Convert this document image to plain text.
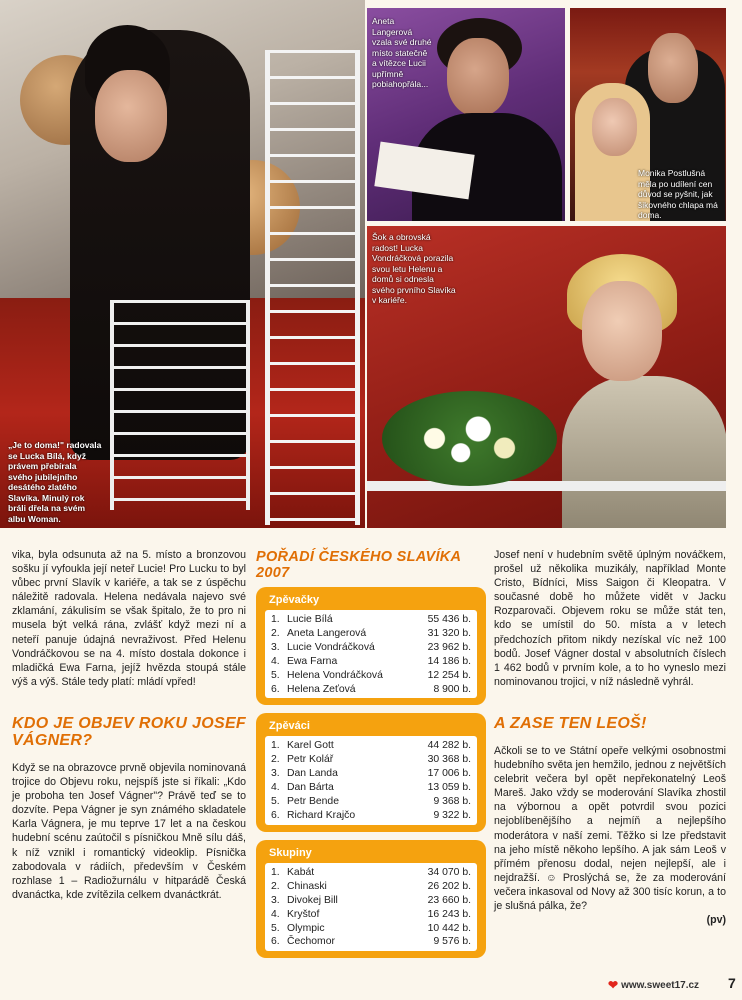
„Je to doma!" radovala se Lucka Bílá, když právem přebírala svého jubilejního desátého zlatého Slavíka. Minulý rok bráli dřela na svém albu Woman.
Aneta Langerová vzala své druhé místo statečně a vítězce Lucii upřímně pobiahopřála...
Monika Postlušná měla po udílení cen důvod se pyšnit, jak šikovného chlapa má doma.
Šok a obrovská radost! Lucka Vondráčková porazila svou letu Helenu a domů si odnesla svého prvního Slavíka v kariéře.

vika, byla odsunuta až na 5. místo a bronzovou sošku jí vyfoukla její neteř Lucie! Pro Lucku to byl vůbec první Slavík v kariéře, a tak se z úspěchu náležitě radovala. Helena nedávala najevo své zklamání, zákulisím se však špitalo, že to pro ni musela být velká rána, zvlášť když mezi ní a neteří panuje údajná nevraživost. Před Helenu Vondráčkovou se na 4. místo dostala dokonce i mladičká Ewa Farna, jejíž hvězda stoupá stále výš a výš. Stále tedy platí: mládí vpřed!

KDO JE OBJEV ROKU JOSEF VÁGNER?

Když se na obrazovce prvně objevila nominovaná trojice do Objevu roku, nejspíš jste si říkali: „Kdo je proboha ten Josef Vágner"? Právě teď se to dozvíte. Pepa Vágner je syn známého skladatele Karla Vágnera, je mu teprve 17 let a na českou hudební scénu zaútočil s písničkou Mně sílu dáš, k níž vznikl i romantický videoklip. Písnička zabodovala v rádiích, především v Českém rozhlase 1 – Radiožurnálu v hitparádě Česká dvanáctka, kde zvítězila celkem dvanáctkrát.

POŘADÍ ČESKÉHO SLAVÍKA 2007
Zpěvačky
1. Lucie Bílá	55 436 b.
2. Aneta Langerová	31 320 b.
3. Lucie Vondráčková	23 962 b.
4. Ewa Farna	14 186 b.
5. Helena Vondráčková	12 254 b.
6. Helena Zeťová	8 900 b.
Zpěváci
1. Karel Gott	44 282 b.
2. Petr Kolář	30 368 b.
3. Dan Landa	17 006 b.
4. Dan Bárta	13 059 b.
5. Petr Bende	9 368 b.
6. Richard Krajčo	9 322 b.
Skupiny
1. Kabát	34 070 b.
2. Chinaski	26 202 b.
3. Divokej Bill	23 660 b.
4. Kryštof	16 243 b.
5. Olympic	10 442 b.
6. Čechomor	9 576 b.

Josef není v hudebním světě úplným nováčkem, prošel už několika muzikály, například Monte Cristo, Bídníci, Miss Saigon či Kleopatra. V současné době ho můžete vidět v Jacku Rozparovači. Objevem roku se může stát ten, kdo se umístil do 50. místa a v letech předchozích přitom nikdy nezískal víc než 100 bodů. Josef Vágner dostal v absolutních číslech 1 462 bodů v prvním kole, a to ho vyneslo mezi nominovanou trojici, v níž následně vyhrál.

A ZASE TEN LEOŠ!

Ačkoli se to ve Státní opeře velkými osobnostmi hudebního světa jen hemžilo, jednou z největších celebrit večera byl opět nepřekonatelný Leoš Mareš. Jako vždy se moderování Slavíka zhostil na výbornou a opět potvrdil svou pozici nejoblíbenějšího a nejmíň a nejlepšího moderátora v naší zemi. Těžko si lze představit na jeho místě někoho lepšího. A jak sám Leoš v přímém přenosu dodal, nejen nejlepší, ale i nejdražší. ☺ Proslýchá se, že za moderování večera inkasoval od Novy až 300 tisíc korun, a to je slušná pálka, že?

(pv)
❤ www.sweet17.cz 7
